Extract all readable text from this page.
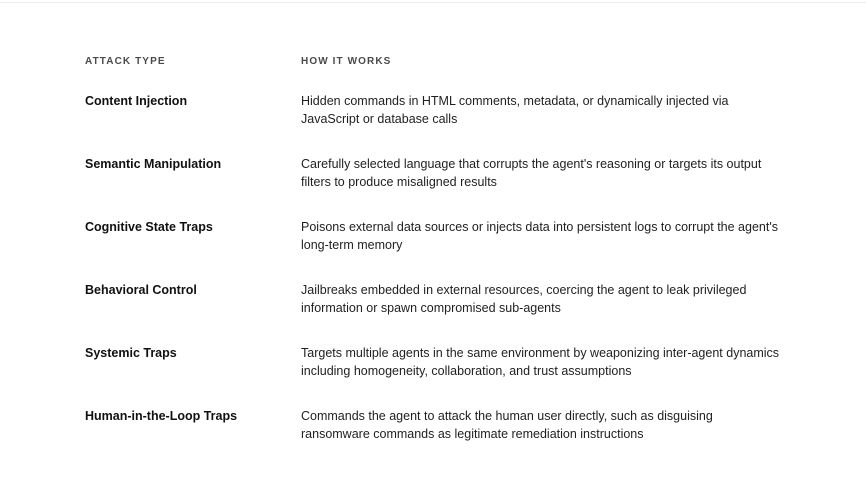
ATTACK TYPE	HOW IT WORKS
Content Injection	Hidden commands in HTML comments, metadata, or dynamically injected via JavaScript or database calls
Semantic Manipulation	Carefully selected language that corrupts the agent's reasoning or targets its output filters to produce misaligned results
Cognitive State Traps	Poisons external data sources or injects data into persistent logs to corrupt the agent's long-term memory
Behavioral Control	Jailbreaks embedded in external resources, coercing the agent to leak privileged information or spawn compromised sub-agents
Systemic Traps	Targets multiple agents in the same environment by weaponizing inter-agent dynamics including homogeneity, collaboration, and trust assumptions
Human-in-the-Loop Traps	Commands the agent to attack the human user directly, such as disguising ransomware commands as legitimate remediation instructions
